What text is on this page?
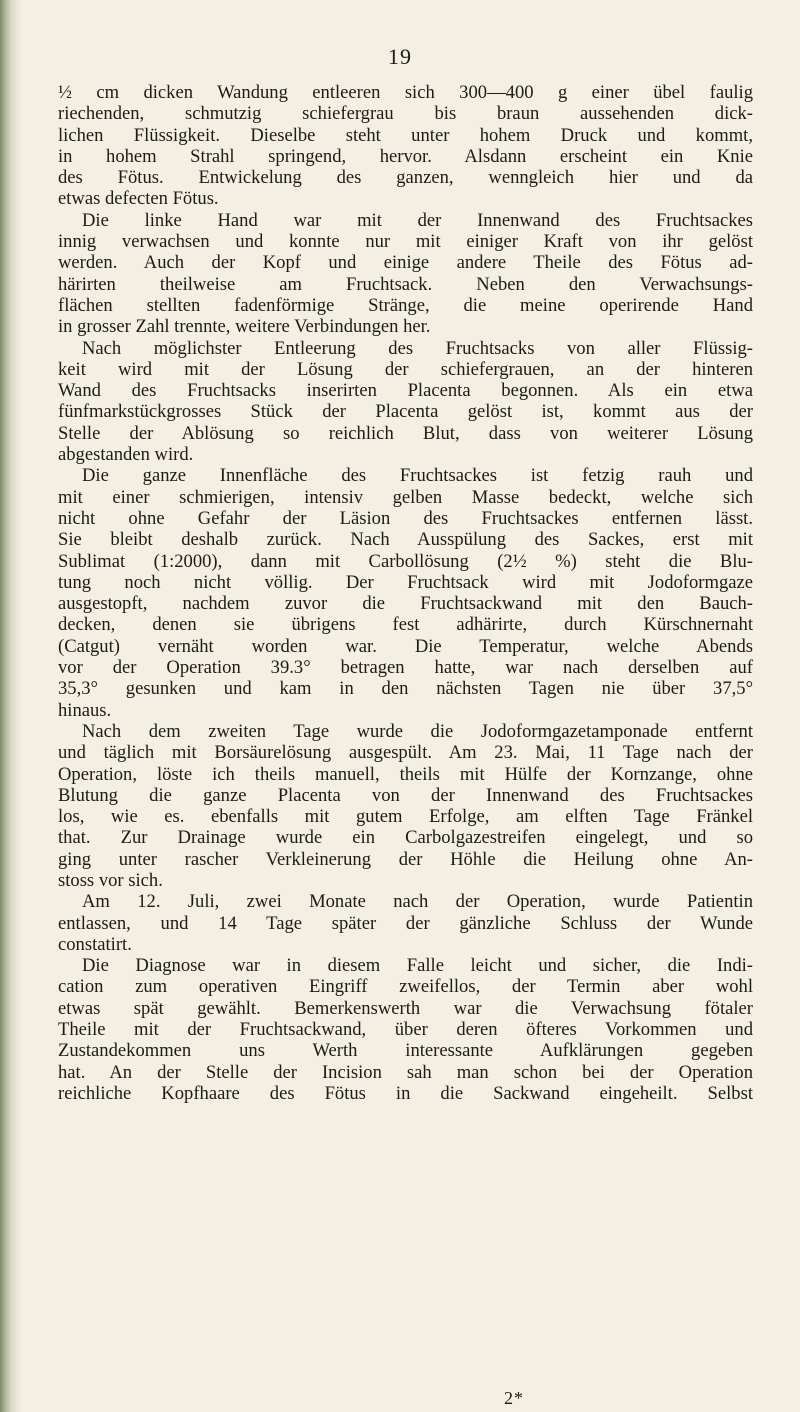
19
½ cm dicken Wandung entleeren sich 300—400 g einer übel faulig
riechenden, schmutzig schiefergrau bis braun aussehenden dick-
lichen Flüssigkeit. Dieselbe steht unter hohem Druck und kommt,
in hohem Strahl springend, hervor. Alsdann erscheint ein Knie
des Fötus. Entwickelung des ganzen, wenngleich hier und da
etwas defecten Fötus.
Die linke Hand war mit der Innenwand des Fruchtsackes
innig verwachsen und konnte nur mit einiger Kraft von ihr gelöst
werden. Auch der Kopf und einige andere Theile des Fötus ad-
härirten theilweise am Fruchtsack. Neben den Verwachsungs-
flächen stellten fadenförmige Stränge, die meine operirende Hand
in grosser Zahl trennte, weitere Verbindungen her.
Nach möglichster Entleerung des Fruchtsacks von aller Flüssig-
keit wird mit der Lösung der schiefergrauen, an der hinteren
Wand des Fruchtsacks inserirten Placenta begonnen. Als ein etwa
fünfmarkstückgrosses Stück der Placenta gelöst ist, kommt aus der
Stelle der Ablösung so reichlich Blut, dass von weiterer Lösung
abgestanden wird.
Die ganze Innenfläche des Fruchtsackes ist fetzig rauh und
mit einer schmierigen, intensiv gelben Masse bedeckt, welche sich
nicht ohne Gefahr der Läsion des Fruchtsackes entfernen lässt.
Sie bleibt deshalb zurück. Nach Ausspülung des Sackes, erst mit
Sublimat (1:2000), dann mit Carbollösung (2½ %) steht die Blu-
tung noch nicht völlig. Der Fruchtsack wird mit Jodoformgaze
ausgestopft, nachdem zuvor die Fruchtsackwand mit den Bauch-
decken, denen sie übrigens fest adhärirte, durch Kürschnernaht
(Catgut) vernäht worden war. Die Temperatur, welche Abends
vor der Operation 39.3° betragen hatte, war nach derselben auf
35,3° gesunken und kam in den nächsten Tagen nie über 37,5°
hinaus.
Nach dem zweiten Tage wurde die Jodoformgazetamponade entfernt
und täglich mit Borsäurelösung ausgespült. Am 23. Mai, 11 Tage nach der
Operation, löste ich theils manuell, theils mit Hülfe der Kornzange, ohne
Blutung die ganze Placenta von der Innenwand des Fruchtsackes
los, wie es. ebenfalls mit gutem Erfolge, am elften Tage Fränkel
that. Zur Drainage wurde ein Carbolgazestreifen eingelegt, und so
ging unter rascher Verkleinerung der Höhle die Heilung ohne An-
stoss vor sich.
Am 12. Juli, zwei Monate nach der Operation, wurde Patientin
entlassen, und 14 Tage später der gänzliche Schluss der Wunde
constatirt.
Die Diagnose war in diesem Falle leicht und sicher, die Indi-
cation zum operativen Eingriff zweifellos, der Termin aber wohl
etwas spät gewählt. Bemerkenswerth war die Verwachsung fötaler
Theile mit der Fruchtsackwand, über deren öfteres Vorkommen und
Zustandekommen uns Werth interessante Aufklärungen gegeben
hat. An der Stelle der Incision sah man schon bei der Operation
reichliche Kopfhaare des Fötus in die Sackwand eingeheilt. Selbst
2*
